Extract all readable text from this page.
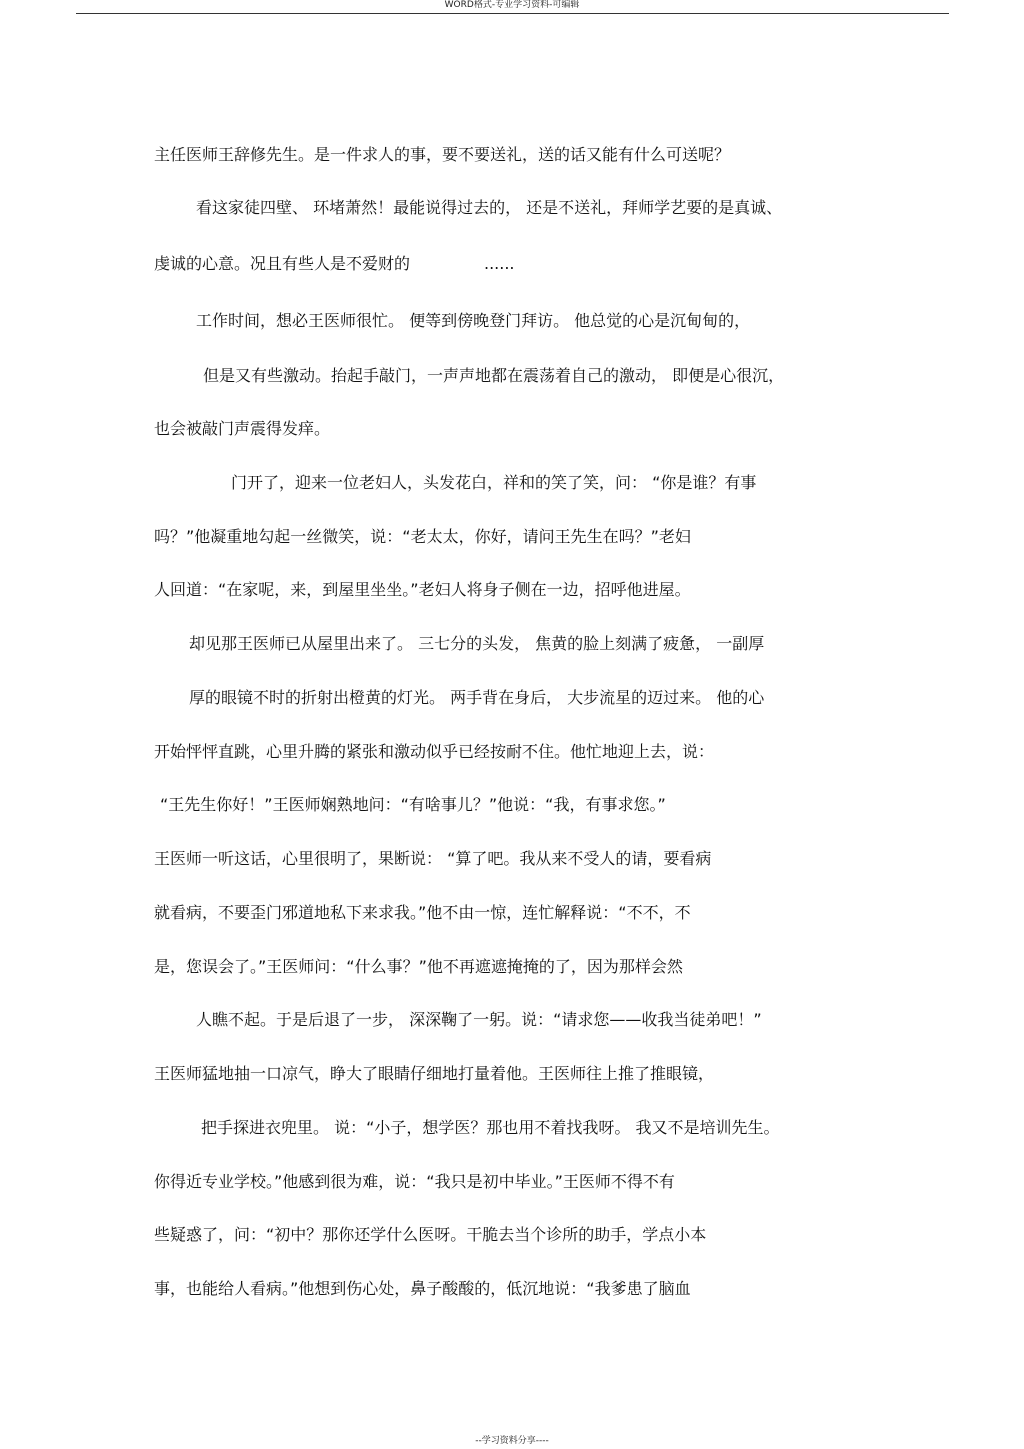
WORD格式-专业学习资料-可编辑
主任医师王辞修先生。是一件求人的事，要不要送礼，送的话又能有什么可送呢？
看这家徒四壁、 环堵萧然！最能说得过去的， 还是不送礼，拜师学艺要的是真诚、
虔诚的心意。况且有些人是不爱财的	......
工作时间，想必王医师很忙。 便等到傍晚登门拜访。 他总觉的心是沉甸甸的，
但是又有些激动。抬起手敲门，一声声地都在震荡着自己的激动， 即便是心很沉，
也会被敲门声震得发痒。
门开了，迎来一位老妇人，头发花白，祥和的笑了笑，问： “你是谁？有事
吗？”他凝重地勾起一丝微笑，说：“老太太，你好，请问王先生在吗？”老妇
人回道：“在家呢，来，到屋里坐坐。”老妇人将身子侧在一边，招呼他进屋。
却见那王医师已从屋里出来了。 三七分的头发， 焦黄的脸上刻满了疲惫， 一副厚
厚的眼镜不时的折射出橙黄的灯光。 两手背在身后， 大步流星的迈过来。 他的心
开始怦怦直跳，心里升腾的紧张和激动似乎已经按耐不住。他忙地迎上去，说：
“王先生你好！”王医师娴熟地问：“有啥事儿？”他说：“我，有事求您。”
王医师一听这话，心里很明了，果断说： “算了吧。我从来不受人的请，要看病
就看病，不要歪门邪道地私下来求我。”他不由一惊，连忙解释说：“不不，不
是，您误会了。”王医师问：“什么事？”他不再遮遮掩掩的了，因为那样会然
人瞧不起。于是后退了一步， 深深鞠了一躬。说：“请求您——收我当徒弟吧！”
王医师猛地抽一口凉气，睁大了眼睛仔细地打量着他。王医师往上推了推眼镜，
把手探进衣兜里。 说：“小子，想学医？那也用不着找我呀。 我又不是培训先生。
你得近专业学校。”他感到很为难，说：“我只是初中毕业。”王医师不得不有
些疑惑了，问：“初中？那你还学什么医呀。干脆去当个诊所的助手，学点小本
事，也能给人看病。”他想到伤心处，鼻子酸酸的，低沉地说：“我爹患了脑血
--学习资料分享----
